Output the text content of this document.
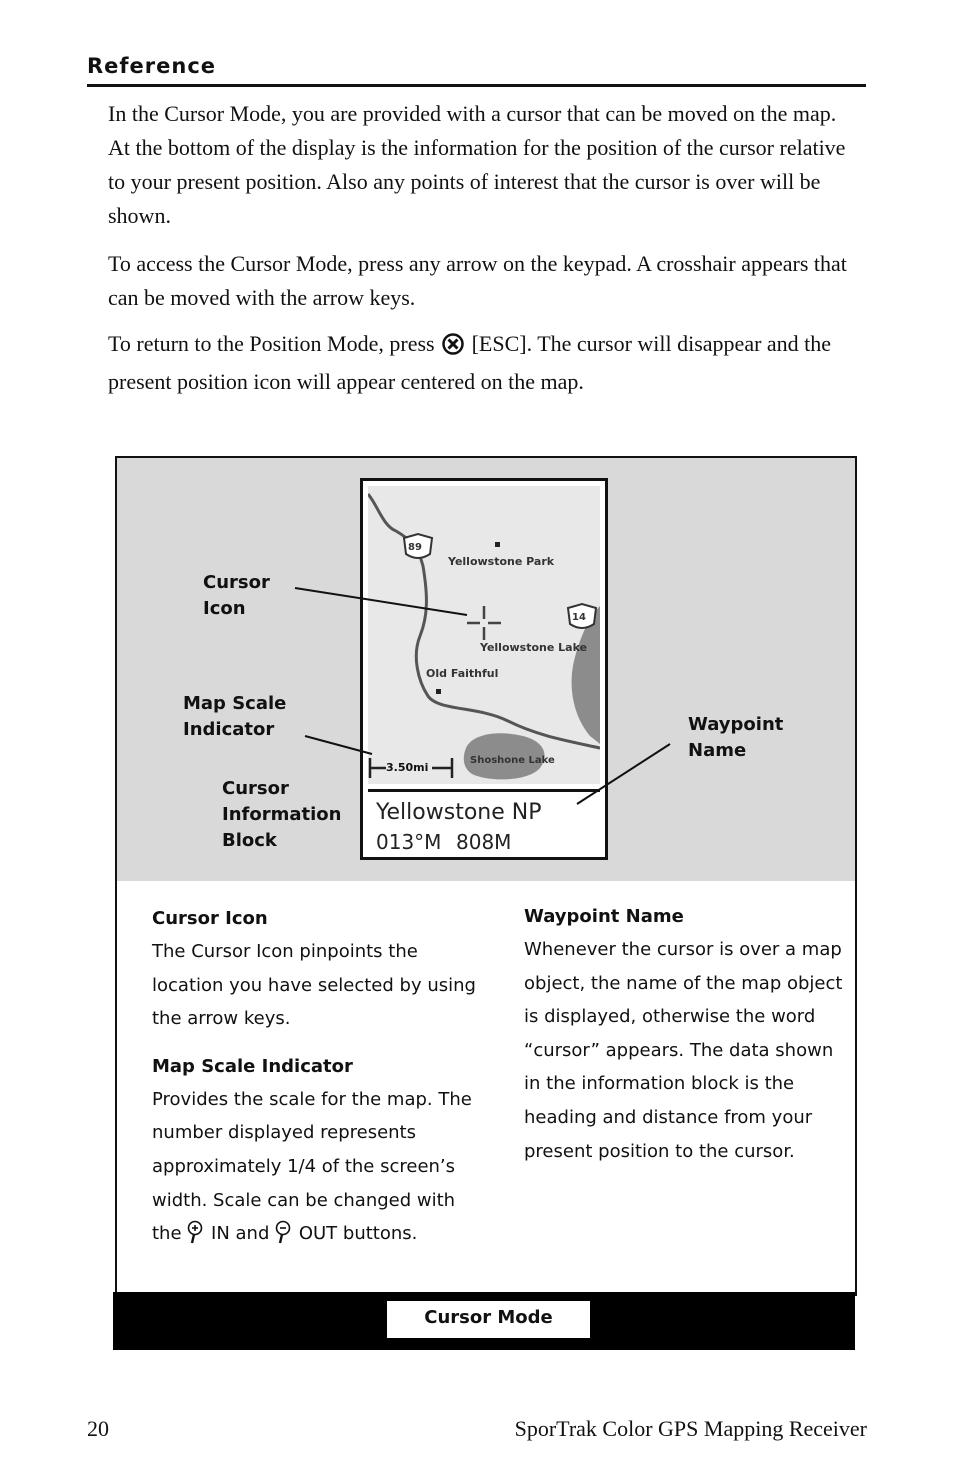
Reference

In the Cursor Mode, you are provided with a cursor that can be moved on the map. At the bottom of the display is the information for the position of the cursor relative to your present position. Also any points of interest that the cursor is over will be shown.

To access the Cursor Mode, press any arrow on the keypad. A crosshair appears that can be moved with the arrow keys.

To return to the Position Mode, press [ESC]. The cursor will disappear and the present position icon will appear centered on the map.

89
14
Yellowstone Park
Yellowstone Lake
Old Faithful
Shoshone Lake
3.50mi
Yellowstone NP
013°M 808M
Cursor
Icon
Map Scale
Indicator
Cursor
Information
Block
Waypoint
Name
Cursor Icon

The Cursor Icon pinpoints the location you have selected by using the arrow keys.

Map Scale Indicator

Provides the scale for the map. The number displayed represents approximately 1/4 of the screen’s width. Scale can be changed with
the IN and OUT buttons.

Waypoint Name

Whenever the cursor is over a map object, the name of the map object is displayed, otherwise the word “cursor” appears. The data shown in the information block is the heading and distance from your present position to the cursor.

Cursor Mode
20	SporTrak Color GPS Mapping Receiver
